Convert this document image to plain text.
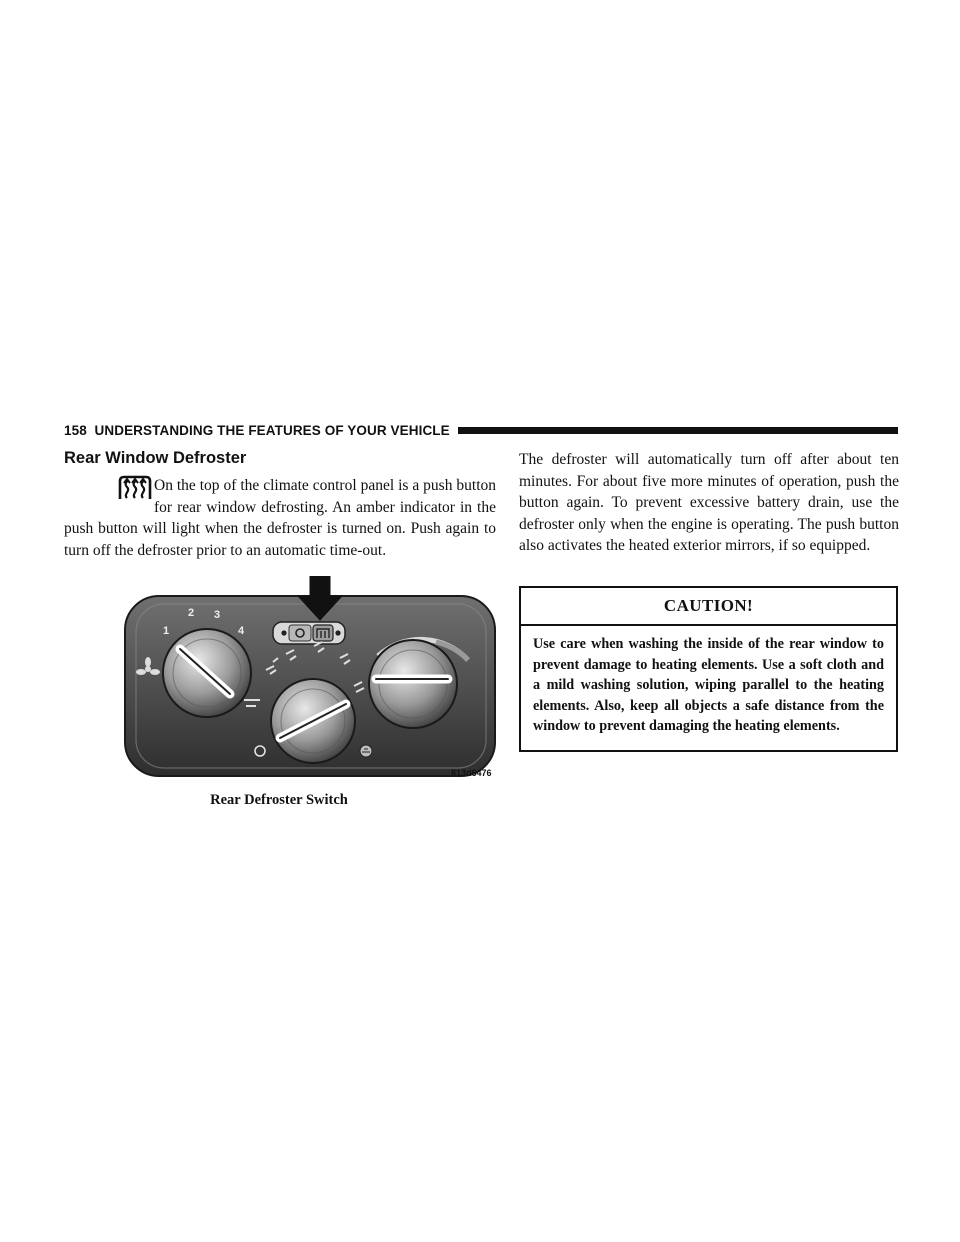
158 UNDERSTANDING THE FEATURES OF YOUR VEHICLE
Rear Window Defroster

On the top of the climate control panel is a push button for rear window defrosting. An amber indicator in the push button will light when the defroster is turned on. Push again to turn off the defroster prior to an automatic time-out.

The defroster will automatically turn off after about ten minutes. For about five more minutes of operation, push the button again. To prevent excessive battery drain, use the defroster only when the engine is operating. The push button also activates the heated exterior mirrors, if so equipped.

1
2 3
4
813d6476
Rear Defroster Switch
CAUTION!
Use care when washing the inside of the rear window to prevent damage to heating elements. Use a soft cloth and a mild washing solution, wiping parallel to the heating elements. Also, keep all objects a safe distance from the window to prevent damaging the heating elements.
